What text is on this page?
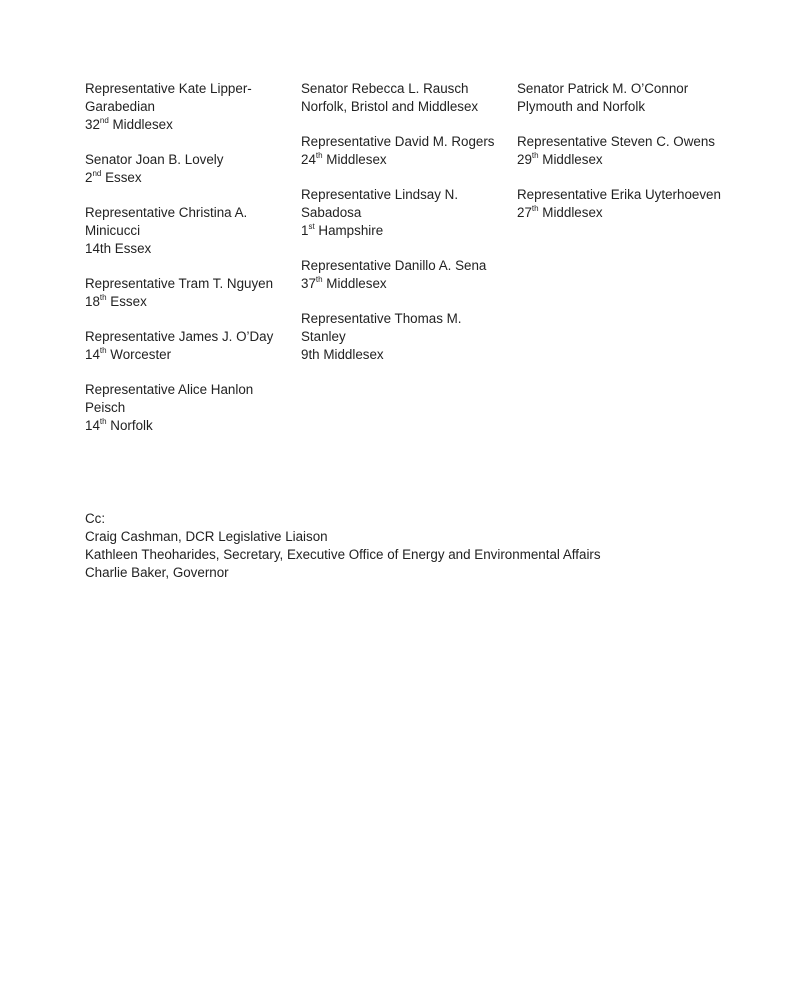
Representative Kate Lipper-Garabedian
32nd Middlesex
Senator Joan B. Lovely
2nd Essex
Representative Christina A. Minicucci
14th Essex
Representative Tram T. Nguyen
18th Essex
Representative James J. O’Day
14th Worcester
Representative Alice Hanlon Peisch
14th Norfolk
Senator Rebecca L. Rausch
Norfolk, Bristol and Middlesex
Representative David M. Rogers
24th Middlesex
Representative Lindsay N. Sabadosa
1st Hampshire
Representative Danillo A. Sena
37th Middlesex
Representative Thomas M. Stanley
9th Middlesex
Senator Patrick M. O’Connor
Plymouth and Norfolk
Representative Steven C. Owens
29th Middlesex
Representative Erika Uyterhoeven
27th Middlesex
Cc:
Craig Cashman, DCR Legislative Liaison
Kathleen Theoharides, Secretary, Executive Office of Energy and Environmental Affairs
Charlie Baker, Governor
